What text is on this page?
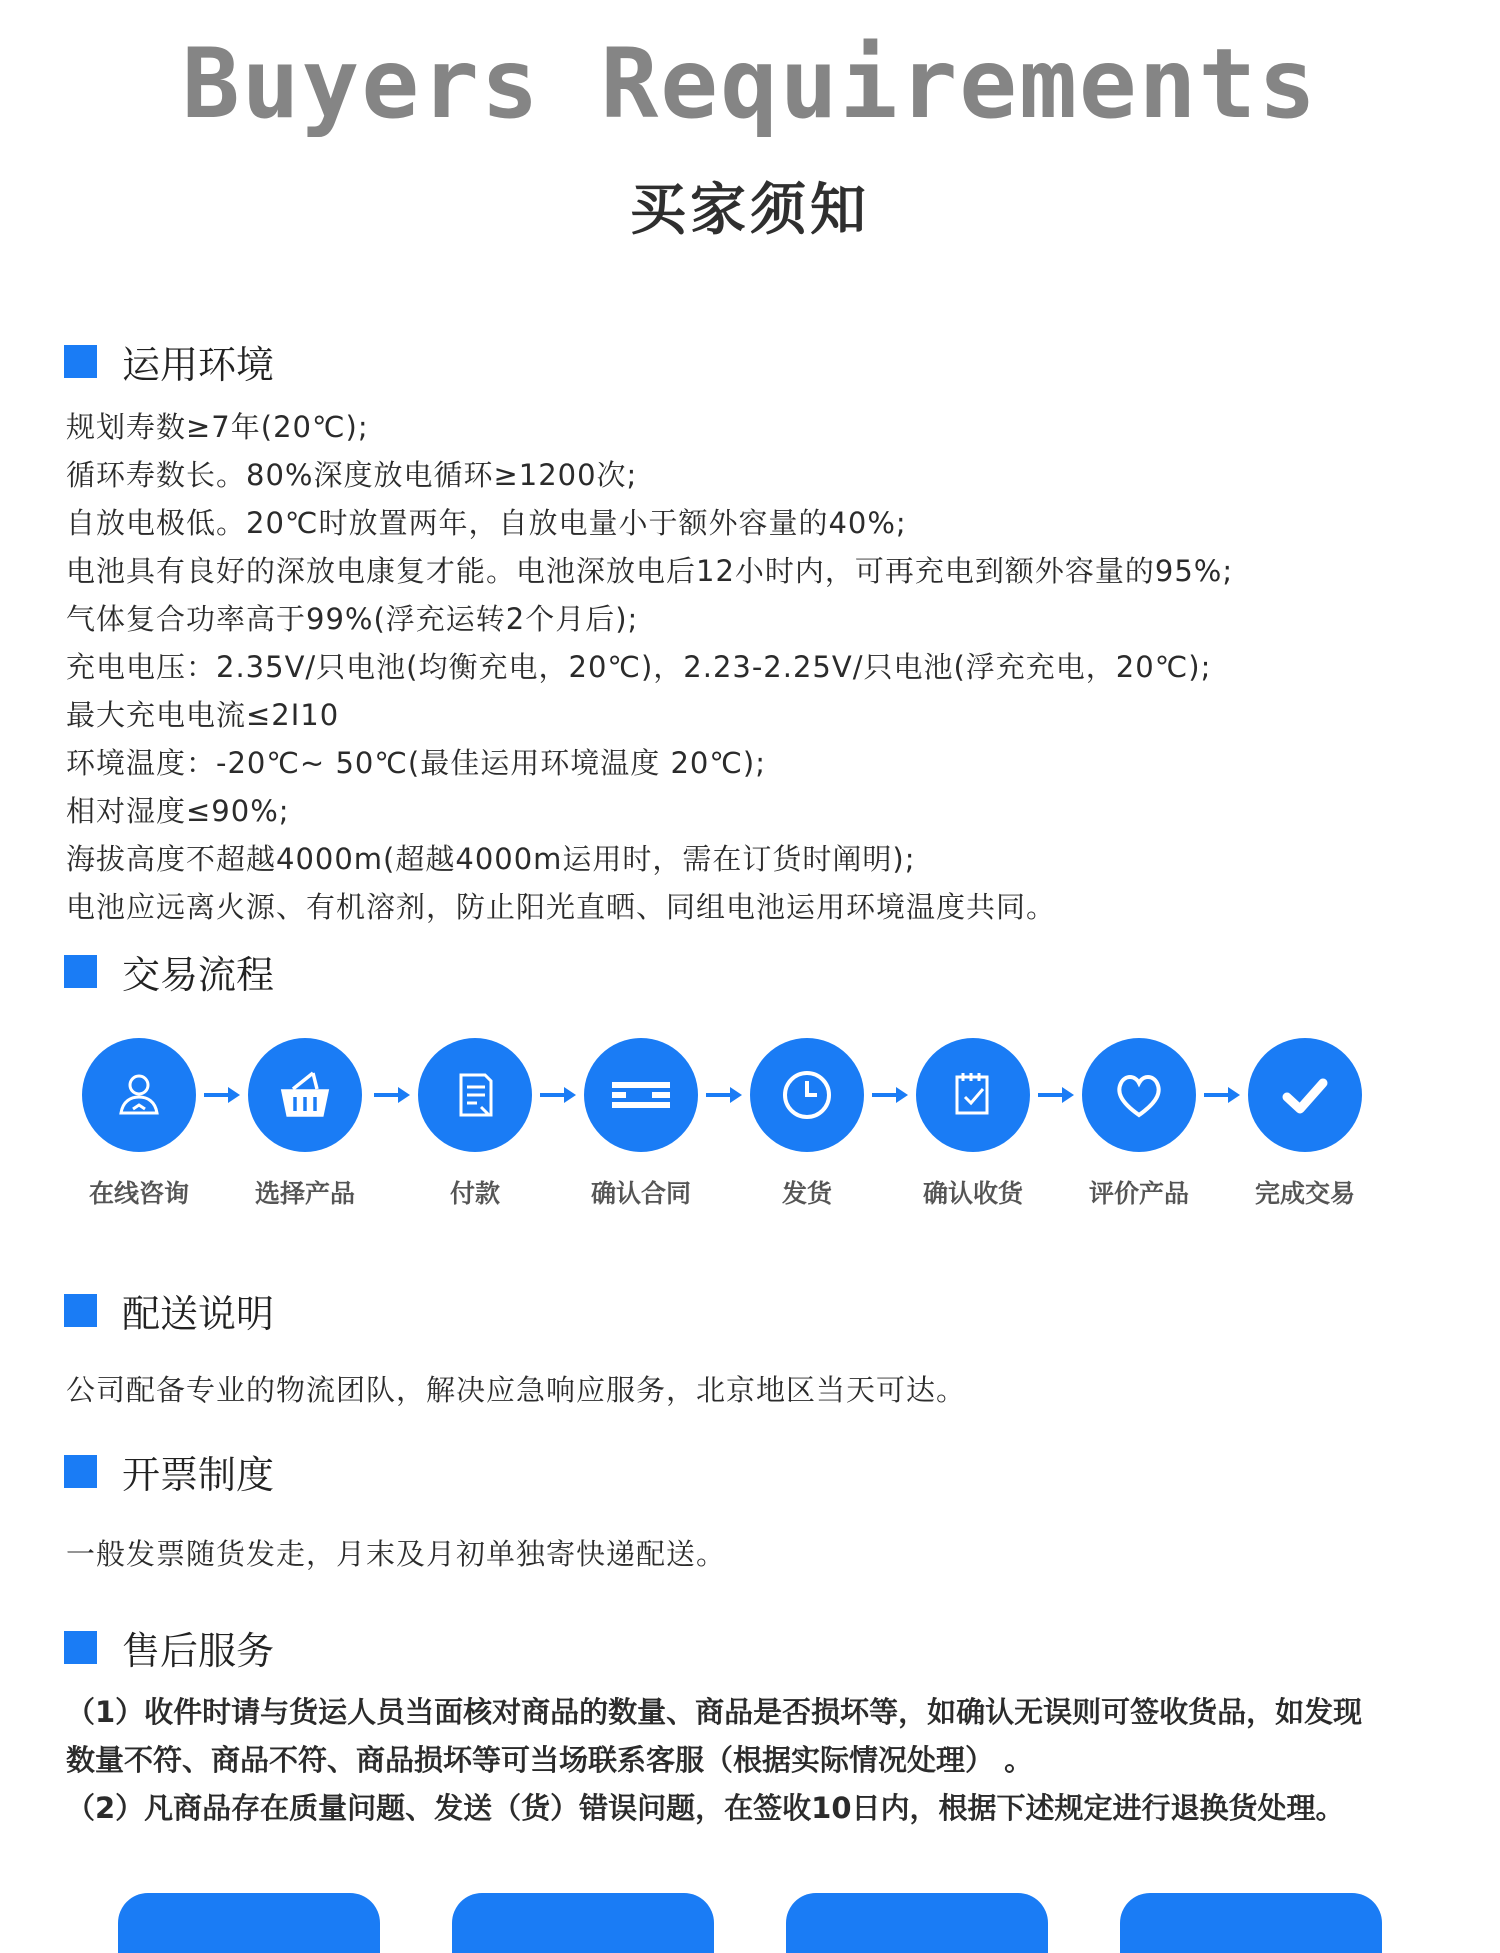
Buyers Requirements
买家须知
运用环境
规划寿数≥7年(20℃);
循环寿数长。80%深度放电循环≥1200次;
自放电极低。20℃时放置两年，自放电量小于额外容量的40%;
电池具有良好的深放电康复才能。电池深放电后12小时内，可再充电到额外容量的95%;
气体复合功率高于99%(浮充运转2个月后);
充电电压：2.35V/只电池(均衡充电，20℃)，2.23-2.25V/只电池(浮充充电，20℃);
最大充电电流≤2I10
环境温度：-20℃~ 50℃(最佳运用环境温度 20℃);
相对湿度≤90%;
海拔高度不超越4000m(超越4000m运用时，需在订货时阐明);
电池应远离火源、有机溶剂，防止阳光直晒、同组电池运用环境温度共同。
交易流程
在线咨询	选择产品	付款	确认合同	发货	确认收货	评价产品	完成交易
配送说明
公司配备专业的物流团队，解决应急响应服务，北京地区当天可达。
开票制度
一般发票随货发走，月末及月初单独寄快递配送。
售后服务
（1）收件时请与货运人员当面核对商品的数量、商品是否损坏等，如确认无误则可签收货品，如发现
数量不符、商品不符、商品损坏等可当场联系客服（根据实际情况处理） 。
（2）凡商品存在质量问题、发送（货）错误问题，在签收10日内，根据下述规定进行退换货处理。
